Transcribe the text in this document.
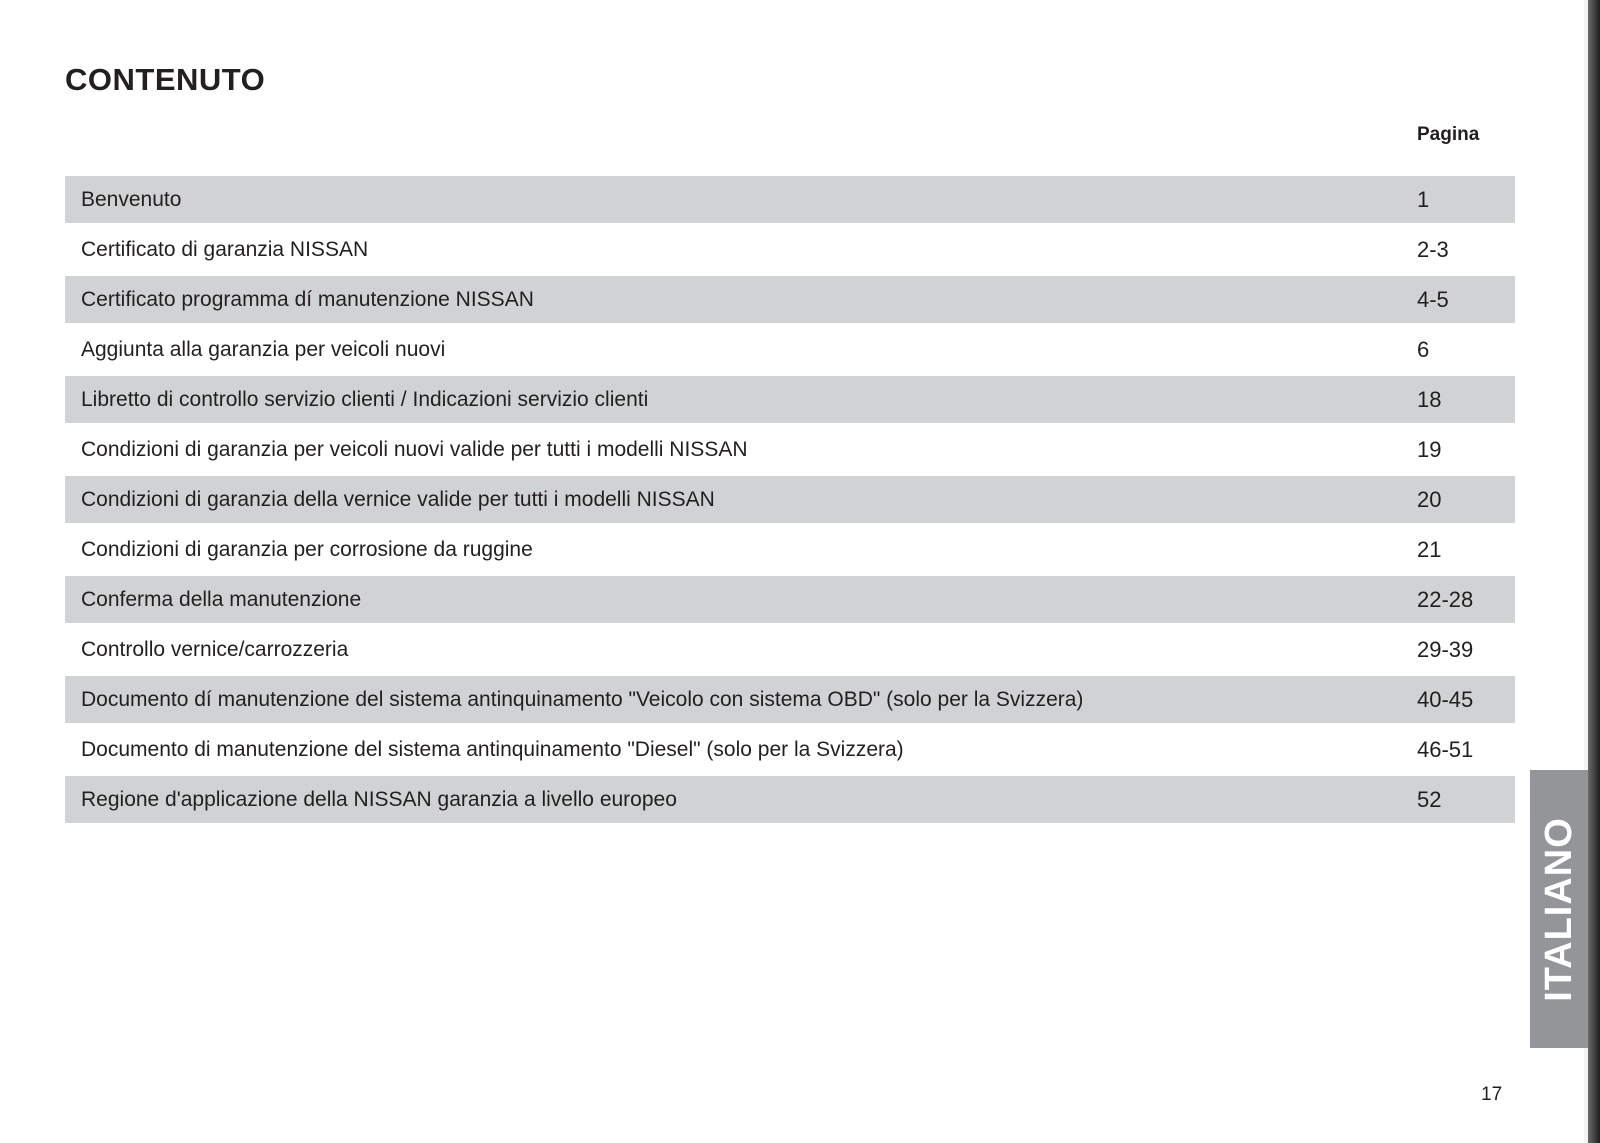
CONTENUTO
Pagina
Benvenuto	1
Certificato di garanzia NISSAN	2-3
Certificato programma dí manutenzione NISSAN	4-5
Aggiunta alla garanzia per veicoli nuovi	6
Libretto di controllo servizio clienti / Indicazioni servizio clienti	18
Condizioni di garanzia per veicoli nuovi valide per tutti i modelli NISSAN	19
Condizioni di garanzia della vernice valide per tutti i modelli NISSAN	20
Condizioni di garanzia per corrosione da ruggine	21
Conferma della manutenzione	22-28
Controllo vernice/carrozzeria	29-39
Documento dí manutenzione del sistema antinquinamento "Veicolo con sistema OBD" (solo per la Svizzera)	40-45
Documento di manutenzione del sistema antinquinamento "Diesel" (solo per la Svizzera)	46-51
Regione d'applicazione della NISSAN garanzia a livello europeo	52
ITALIANO
17
